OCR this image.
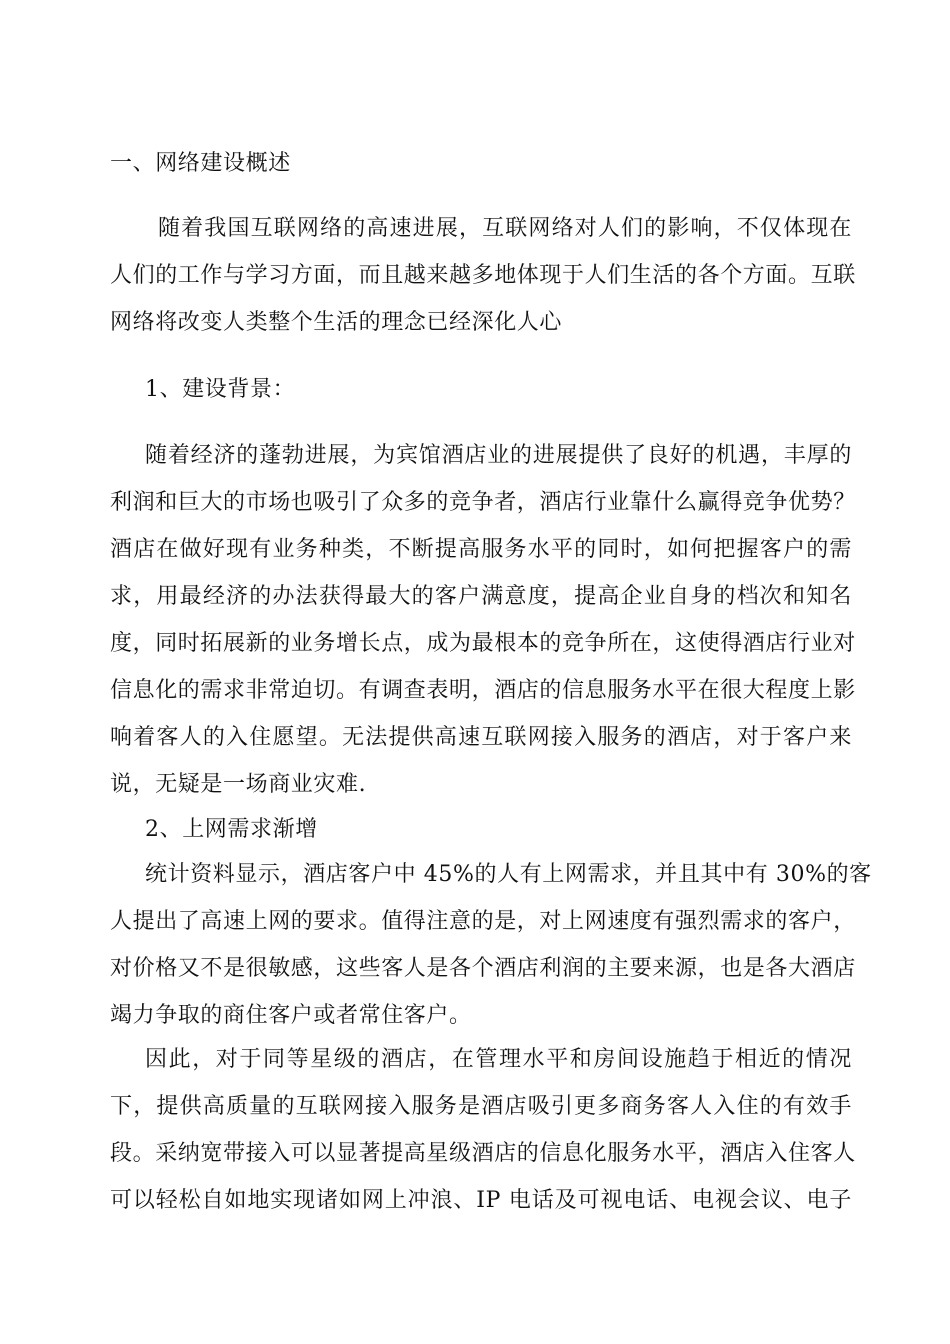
一、网络建设概述
随着我国互联网络的高速进展，互联网络对人们的影响，不仅体现在
人们的工作与学习方面，而且越来越多地体现于人们生活的各个方面。互联
网络将改变人类整个生活的理念已经深化人心
1、建设背景：
随着经济的蓬勃进展，为宾馆酒店业的进展提供了良好的机遇，丰厚的
利润和巨大的市场也吸引了众多的竞争者，酒店行业靠什么赢得竞争优势？
酒店在做好现有业务种类，不断提高服务水平的同时，如何把握客户的需
求，用最经济的办法获得最大的客户满意度，提高企业自身的档次和知名
度，同时拓展新的业务增长点，成为最根本的竞争所在，这使得酒店行业对
信息化的需求非常迫切。有调查表明，酒店的信息服务水平在很大程度上影
响着客人的入住愿望。无法提供高速互联网接入服务的酒店，对于客户来
说，无疑是一场商业灾难.
2、上网需求渐增
统计资料显示，酒店客户中 45%的人有上网需求，并且其中有 30%的客
人提出了高速上网的要求。值得注意的是，对上网速度有强烈需求的客户，
对价格又不是很敏感，这些客人是各个酒店利润的主要来源，也是各大酒店
竭力争取的商住客户或者常住客户。
因此，对于同等星级的酒店，在管理水平和房间设施趋于相近的情况
下，提供高质量的互联网接入服务是酒店吸引更多商务客人入住的有效手
段。采纳宽带接入可以显著提高星级酒店的信息化服务水平，酒店入住客人
可以轻松自如地实现诸如网上冲浪、IP 电话及可视电话、电视会议、电子
